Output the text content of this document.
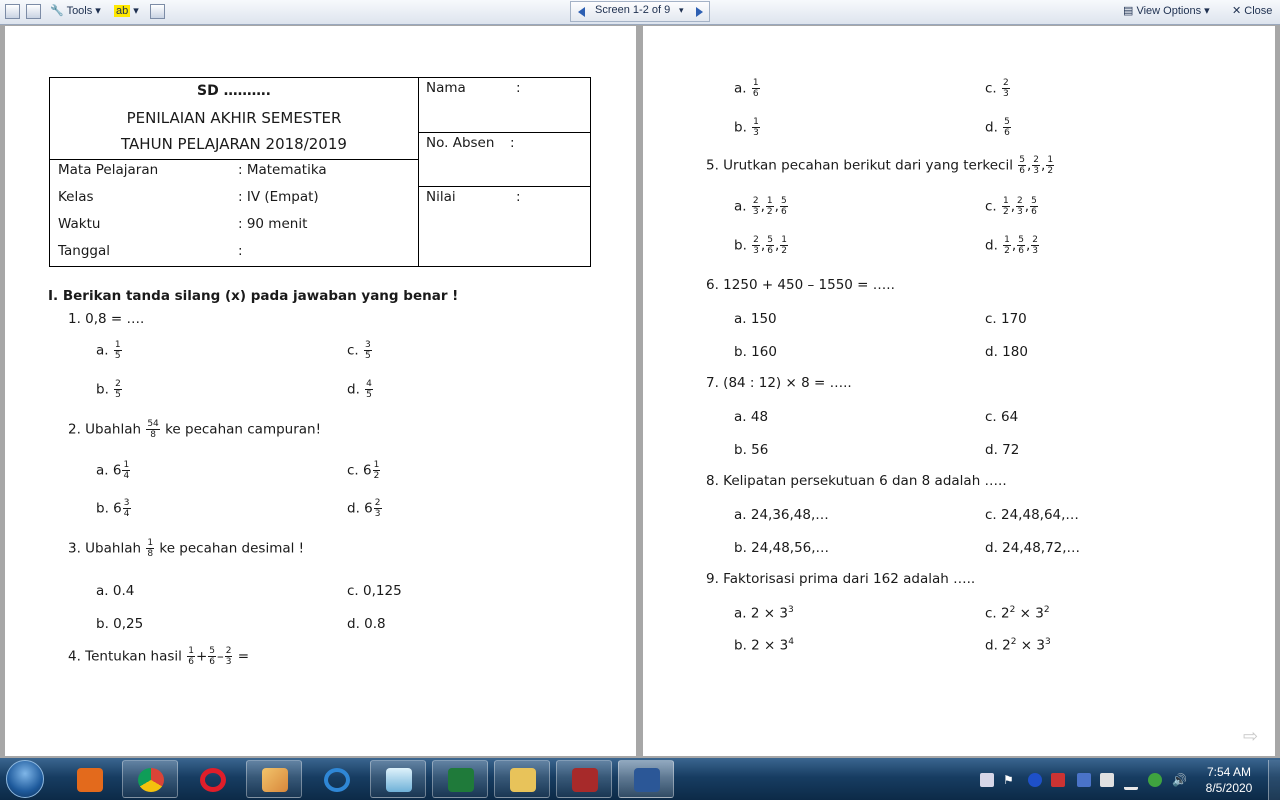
🔧 Tools ▾ ab ▾	Screen 1-2 of 9 ▾	▤ View Options ▾ ✕ Close
SD ……….
PENILAIAN AKHIR SEMESTER
TAHUN PELAJARAN 2018/2019
Mata Pelajaran	: Matematika
Kelas	: IV (Empat)
Waktu	: 90 menit
Tanggal	:
Nama	:
No. Absen :
Nilai	:
I. Berikan tanda silang (x) pada jawaban yang benar !
1. 0,8 = ….
a. $\frac{1}{5}$	c. $\frac{3}{5}$
b. $\frac{2}{5}$	d. $\frac{4}{5}$
2. Ubahlah $\frac{54}{8}$ ke pecahan campuran!
a. $6 \frac{1}{4}$	c. $6 \frac{1}{2}$
b. $6 \frac{3}{4}$	d. $6 \frac{2}{3}$
3. Ubahlah $\frac{1}{8}$ ke pecahan desimal !
a. 0.4	c. 0,125
b. 0,25	d. 0.8
4. Tentukan hasil $\frac{1}{6} + \frac{5}{6} - \frac{2}{3}$ =
a. $\frac{1}{6}$	c. $\frac{2}{3}$
b. $\frac{1}{3}$	d. $\frac{5}{6}$
5. Urutkan pecahan berikut dari yang terkecil $\frac{5}{6}$ , $\frac{2}{3}$ , $\frac{1}{2}$
a. $\frac{2}{3}$ , $\frac{1}{2}$ , $\frac{5}{6}$	c. $\frac{1}{2}$ , $\frac{2}{3}$ , $\frac{5}{6}$
b. $\frac{2}{3}$ , $\frac{5}{6}$ , $\frac{1}{2}$	d. $\frac{1}{2}$ , $\frac{5}{6}$ , $\frac{2}{3}$
6. 1250 + 450 – 1550 = …..
a. 150	c. 170
b. 160	d. 180
7. (84 : 12) × 8 = …..
a. 48	c. 64
b. 56	d. 72
8. Kelipatan persekutuan 6 dan 8 adalah …..
a. 24,36,48,…	c. 24,48,64,…
b. 24,48,56,…	d. 24,48,72,…
9. Faktorisasi prima dari 162 adalah …..
a. $2 \times 3^3$	c. $2^2 \times 3^2$
b. $2 \times 3^4$	d. $2^2 \times 3^3$
⇨
⚑	🔊
7:54 AM
8/5/2020
